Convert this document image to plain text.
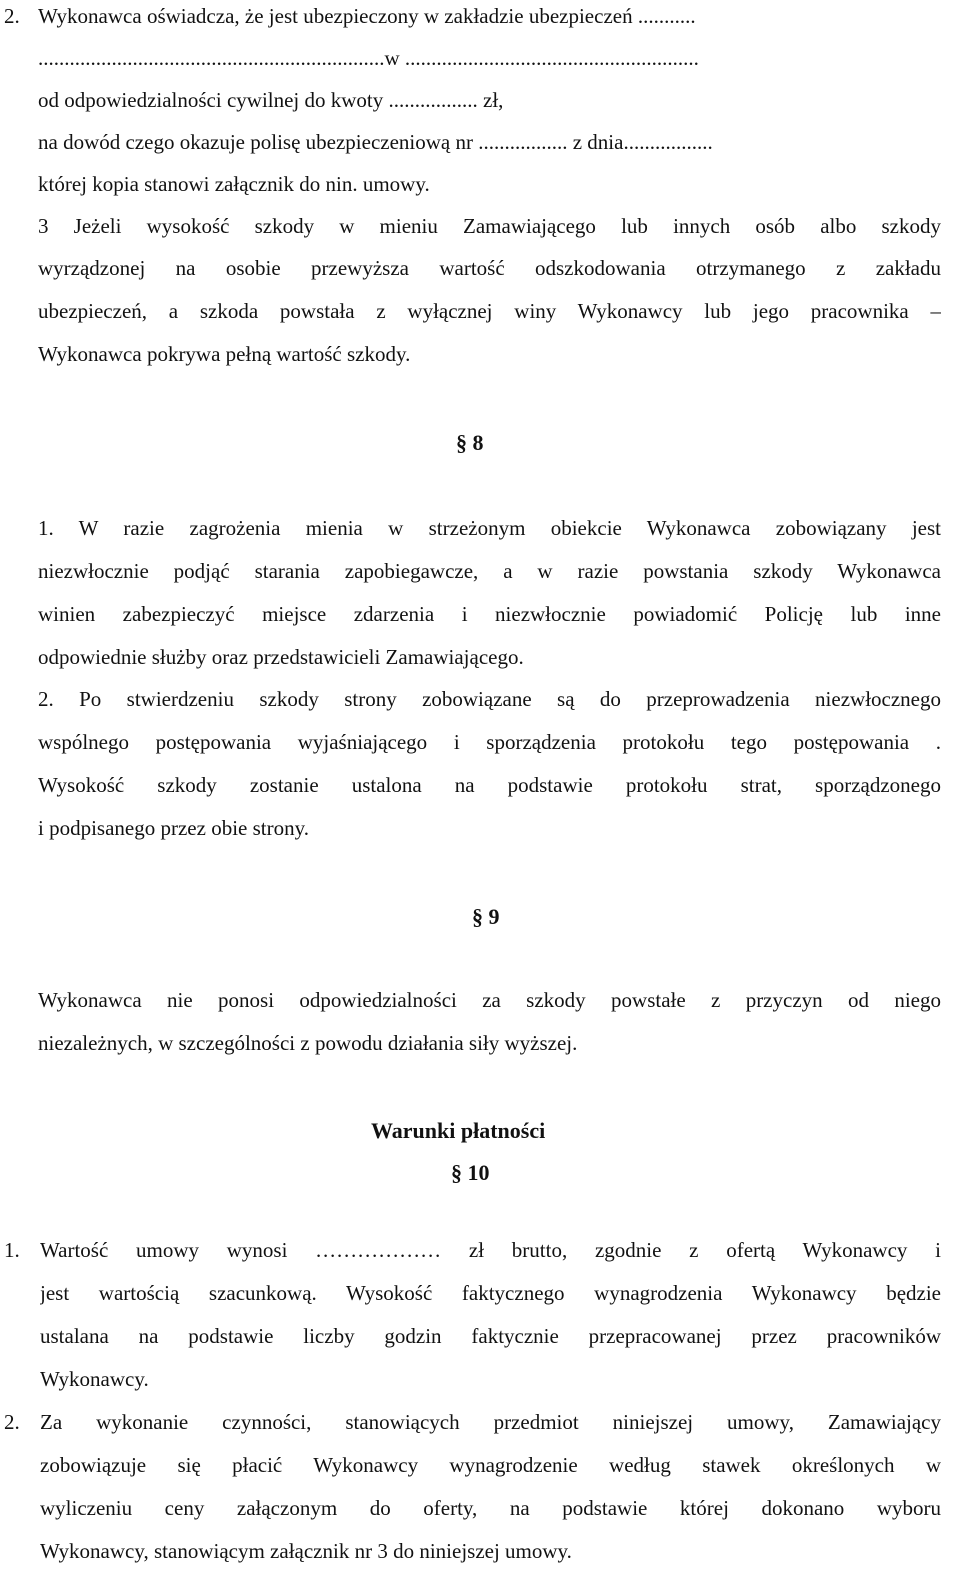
2. Wykonawca oświadcza, że jest ubezpieczony w zakładzie ubezpieczeń ...........
..................................................................w ........................................................
od odpowiedzialności cywilnej do kwoty ................. zł,
na dowód czego okazuje polisę ubezpieczeniową nr ................. z dnia.................
której kopia stanowi załącznik do nin. umowy.
3 Jeżeli wysokość szkody w mieniu Zamawiającego lub innych osób albo szkody
wyrządzonej na osobie przewyższa wartość odszkodowania otrzymanego z zakładu
ubezpieczeń, a szkoda powstała z wyłącznej winy Wykonawcy lub jego pracownika –
Wykonawca pokrywa pełną wartość szkody.
§ 8
1. W razie zagrożenia mienia w strzeżonym obiekcie Wykonawca zobowiązany jest
niezwłocznie podjąć starania zapobiegawcze, a w razie powstania szkody Wykonawca
winien zabezpieczyć miejsce zdarzenia i niezwłocznie powiadomić Policję lub inne
odpowiednie służby oraz przedstawicieli Zamawiającego.
2. Po stwierdzeniu szkody strony zobowiązane są do przeprowadzenia niezwłocznego
wspólnego postępowania wyjaśniającego i sporządzenia protokołu tego postępowania .
Wysokość szkody zostanie ustalona na podstawie protokołu strat, sporządzonego
i podpisanego przez obie strony.
§ 9
Wykonawca nie ponosi odpowiedzialności za szkody powstałe z przyczyn od niego
niezależnych, w szczególności z powodu działania siły wyższej.
Warunki płatności
§ 10
1. Wartość umowy wynosi ……………… zł brutto, zgodnie z ofertą Wykonawcy i
jest wartością szacunkową. Wysokość faktycznego wynagrodzenia Wykonawcy będzie
ustalana na podstawie liczby godzin faktycznie przepracowanej przez pracowników
Wykonawcy.
2. Za wykonanie czynności, stanowiących przedmiot niniejszej umowy, Zamawiający
zobowiązuje się płacić Wykonawcy wynagrodzenie według stawek określonych w
wyliczeniu ceny załączonym do oferty, na podstawie której dokonano wyboru
Wykonawcy, stanowiącym załącznik nr 3 do niniejszej umowy.
